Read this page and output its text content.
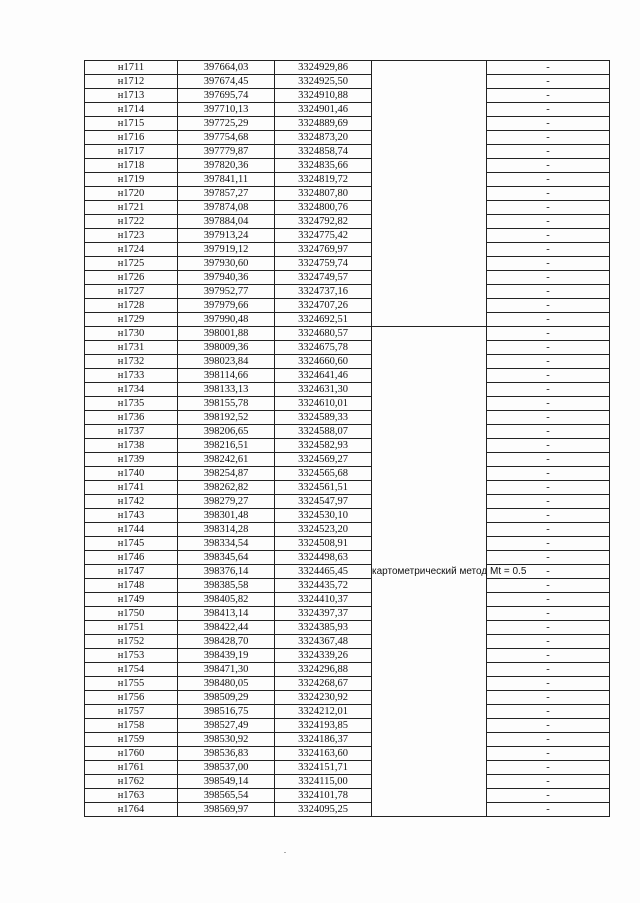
н1711	397664,03	3324929,86		-
н1712	397674,45	3324925,50		-
н1713	397695,74	3324910,88		-
н1714	397710,13	3324901,46		-
н1715	397725,29	3324889,69		-
н1716	397754,68	3324873,20		-
н1717	397779,87	3324858,74		-
н1718	397820,36	3324835,66		-
н1719	397841,11	3324819,72		-
н1720	397857,27	3324807,80		-
н1721	397874,08	3324800,76		-
н1722	397884,04	3324792,82		-
н1723	397913,24	3324775,42		-
н1724	397919,12	3324769,97		-
н1725	397930,60	3324759,74		-
н1726	397940,36	3324749,57		-
н1727	397952,77	3324737,16		-
н1728	397979,66	3324707,26		-
н1729	397990,48	3324692,51		-
н1730	398001,88	3324680,57	картометрический метод Mt = 0.5	-
н1731	398009,36	3324675,78		-
н1732	398023,84	3324660,60		-
н1733	398114,66	3324641,46		-
н1734	398133,13	3324631,30		-
н1735	398155,78	3324610,01		-
н1736	398192,52	3324589,33		-
н1737	398206,65	3324588,07		-
н1738	398216,51	3324582,93		-
н1739	398242,61	3324569,27		-
н1740	398254,87	3324565,68		-
н1741	398262,82	3324561,51		-
н1742	398279,27	3324547,97		-
н1743	398301,48	3324530,10		-
н1744	398314,28	3324523,20		-
н1745	398334,54	3324508,91		-
н1746	398345,64	3324498,63		-
н1747	398376,14	3324465,45		-
н1748	398385,58	3324435,72		-
н1749	398405,82	3324410,37		-
н1750	398413,14	3324397,37		-
н1751	398422,44	3324385,93		-
н1752	398428,70	3324367,48		-
н1753	398439,19	3324339,26		-
н1754	398471,30	3324296,88		-
н1755	398480,05	3324268,67		-
н1756	398509,29	3324230,92		-
н1757	398516,75	3324212,01		-
н1758	398527,49	3324193,85		-
н1759	398530,92	3324186,37		-
н1760	398536,83	3324163,60		-
н1761	398537,00	3324151,71		-
н1762	398549,14	3324115,00		-
н1763	398565,54	3324101,78		-
н1764	398569,97	3324095,25		-
